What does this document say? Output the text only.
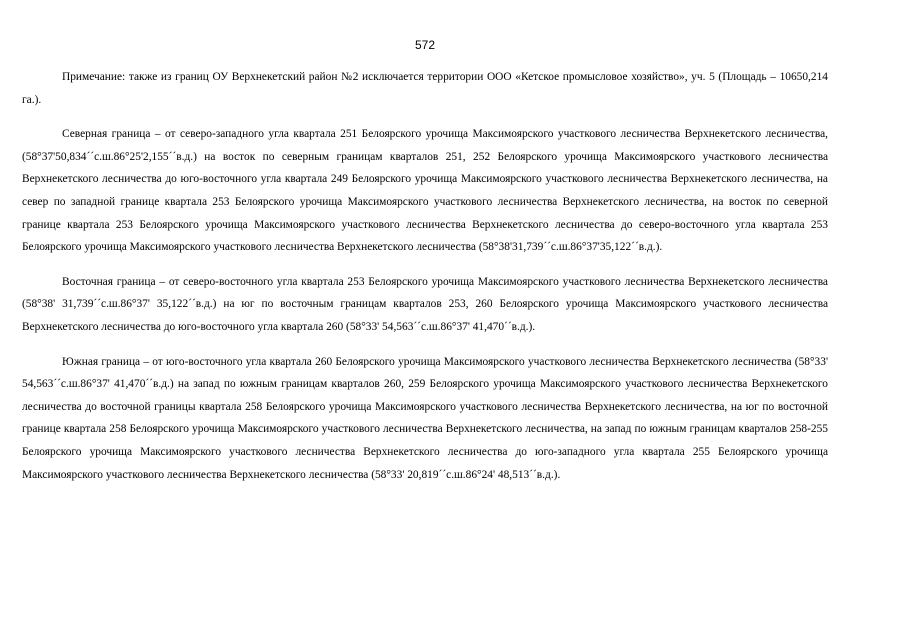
572

Примечание: также из границ ОУ Верхнекетский район №2 исключается территории ООО «Кетское промысловое хозяйство», уч. 5 (Площадь – 10650,214 га.).

Северная граница – от северо-западного угла квартала 251 Белоярского урочища Максимоярского участкового лесничества Верхнекетского лесничества, (58°37'50,834´´с.ш.86°25'2,155´´в.д.) на восток по северным границам кварталов 251, 252 Белоярского урочища Максимоярского участкового лесничества Верхнекетского лесничества до юго-восточного угла квартала 249 Белоярского урочища Максимоярского участкового лесничества Верхнекетского лесничества, на север по западной границе квартала 253 Белоярского урочища Максимоярского участкового лесничества Верхнекетского лесничества, на восток по северной границе квартала 253 Белоярского урочища Максимоярского участкового лесничества Верхнекетского лесничества до северо-восточного угла квартала 253 Белоярского урочища Максимоярского участкового лесничества Верхнекетского лесничества (58°38'31,739´´с.ш.86°37'35,122´´в.д.).

Восточная граница – от северо-восточного угла квартала 253 Белоярского урочища Максимоярского участкового лесничества Верхнекетского лесничества (58°38' 31,739´´с.ш.86°37' 35,122´´в.д.) на юг по восточным границам кварталов 253, 260 Белоярского урочища Максимоярского участкового лесничества Верхнекетского лесничества до юго-восточного угла квартала 260 (58°33' 54,563´´с.ш.86°37' 41,470´´в.д.).

Южная граница – от юго-восточного угла квартала 260 Белоярского урочища Максимоярского участкового лесничества Верхнекетского лесничества (58°33' 54,563´´с.ш.86°37' 41,470´´в.д.) на запад по южным границам кварталов 260, 259 Белоярского урочища Максимоярского участкового лесничества Верхнекетского лесничества до восточной границы квартала 258 Белоярского урочища Максимоярского участкового лесничества Верхнекетского лесничества, на юг по восточной границе квартала 258 Белоярского урочища Максимоярского участкового лесничества Верхнекетского лесничества, на запад по южным границам кварталов 258-255 Белоярского урочища Максимоярского участкового лесничества Верхнекетского лесничества до юго-западного угла квартала 255 Белоярского урочища Максимоярского участкового лесничества Верхнекетского лесничества (58°33' 20,819´´с.ш.86°24' 48,513´´в.д.).
